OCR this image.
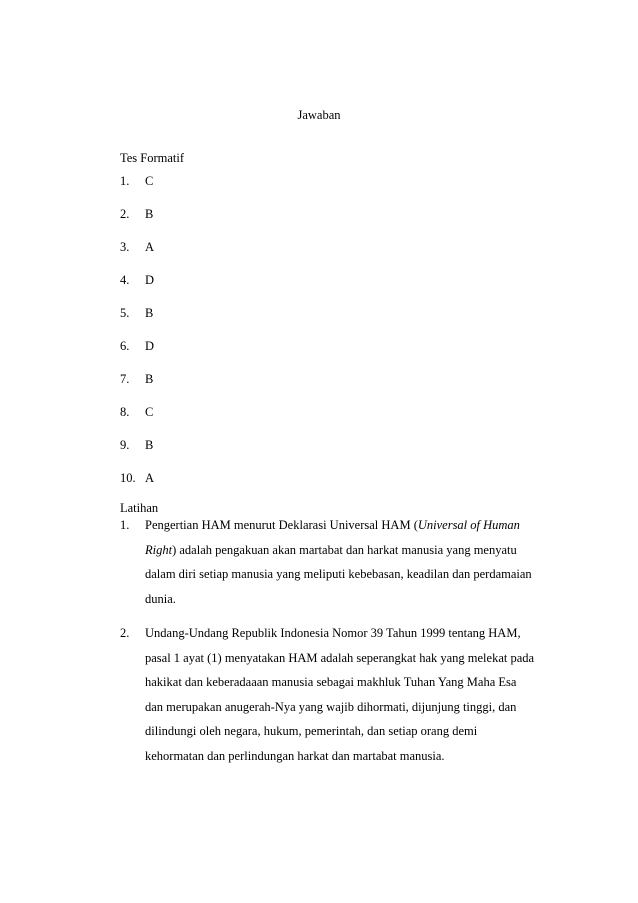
Jawaban
Tes Formatif
1.	C
2.	B
3.	A
4.	D
5.	B
6.	D
7.	B
8.	C
9.	B
10. A
Latihan
1.	Pengertian HAM menurut Deklarasi Universal HAM (Universal of Human
Right) adalah pengakuan akan martabat dan harkat manusia yang menyatu
dalam diri setiap manusia yang meliputi kebebasan, keadilan dan perdamaian
dunia.
2.	Undang-Undang Republik Indonesia Nomor 39 Tahun 1999 tentang HAM,
pasal 1 ayat (1) menyatakan HAM adalah seperangkat hak yang melekat pada
hakikat dan keberadaaan manusia sebagai makhluk Tuhan Yang Maha Esa
dan merupakan anugerah-Nya yang wajib dihormati, dijunjung tinggi, dan
dilindungi oleh negara, hukum, pemerintah, dan setiap orang demi
kehormatan dan perlindungan harkat dan martabat manusia.
